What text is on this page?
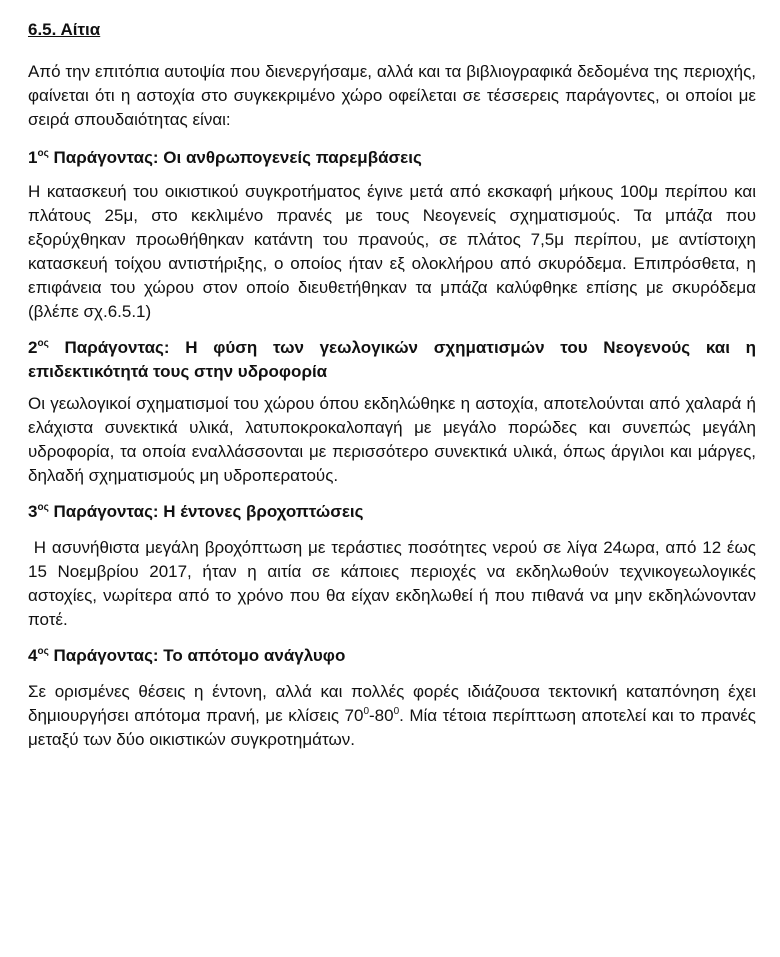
6.5. Αίτια

Από την επιτόπια αυτοψία που διενεργήσαμε, αλλά και τα βιβλιογραφικά δεδομένα της περιοχής, φαίνεται ότι η αστοχία στο συγκεκριμένο χώρο οφείλεται σε τέσσερεις παράγοντες, οι οποίοι με σειρά σπουδαιότητας είναι:

$1^{o\varsigma}$ Παράγοντας: Οι ανθρωπογενείς παρεμβάσεις

Η κατασκευή του οικιστικού συγκροτήματος έγινε μετά από εκσκαφή μήκους 100μ περίπου και πλάτους 25μ, στο κεκλιμένο πρανές με τους Νεογενείς σχηματισμούς. Τα μπάζα που εξορύχθηκαν προωθήθηκαν κατάντη του πρανούς, σε πλάτος 7,5μ περίπου, με αντίστοιχη κατασκευή τοίχου αντιστήριξης, ο οποίος ήταν εξ ολοκλήρου από σκυρόδεμα. Επιπρόσθετα, η επιφάνεια του χώρου στον οποίο διευθετήθηκαν τα μπάζα καλύφθηκε επίσης με σκυρόδεμα (βλέπε σχ.6.5.1)

$2^{o\varsigma}$ Παράγοντας: Η φύση των γεωλογικών σχηματισμών του Νεογενούς και η επιδεκτικότητά τους στην υδροφορία

Οι γεωλογικοί σχηματισμοί του χώρου όπου εκδηλώθηκε η αστοχία, αποτελούνται από χαλαρά ή ελάχιστα συνεκτικά υλικά, λατυποκροκαλοπαγή με μεγάλο πορώδες και συνεπώς μεγάλη υδροφορία, τα οποία εναλλάσσονται με περισσότερο συνεκτικά υλικά, όπως άργιλοι και μάργες, δηλαδή σχηματισμούς μη υδροπερατούς.

$3^{o\varsigma}$ Παράγοντας: Η έντονες βροχοπτώσεις

Η ασυνήθιστα μεγάλη βροχόπτωση με τεράστιες ποσότητες νερού σε λίγα 24ωρα, από 12 έως 15 Νοεμβρίου 2017, ήταν η αιτία σε κάποιες περιοχές να εκδηλωθούν τεχνικογεωλογικές αστοχίες, νωρίτερα από το χρόνο που θα είχαν εκδηλωθεί ή που πιθανά να μην εκδηλώνονταν ποτέ.

$4^{o\varsigma}$ Παράγοντας: Το απότομο ανάγλυφο

Σε ορισμένες θέσεις η έντονη, αλλά και πολλές φορές ιδιάζουσα τεκτονική καταπόνηση έχει δημιουργήσει απότομα πρανή, με κλίσεις $70^0-80^0$. Μία τέτοια περίπτωση αποτελεί και το πρανές μεταξύ των δύο οικιστικών συγκροτημάτων.
